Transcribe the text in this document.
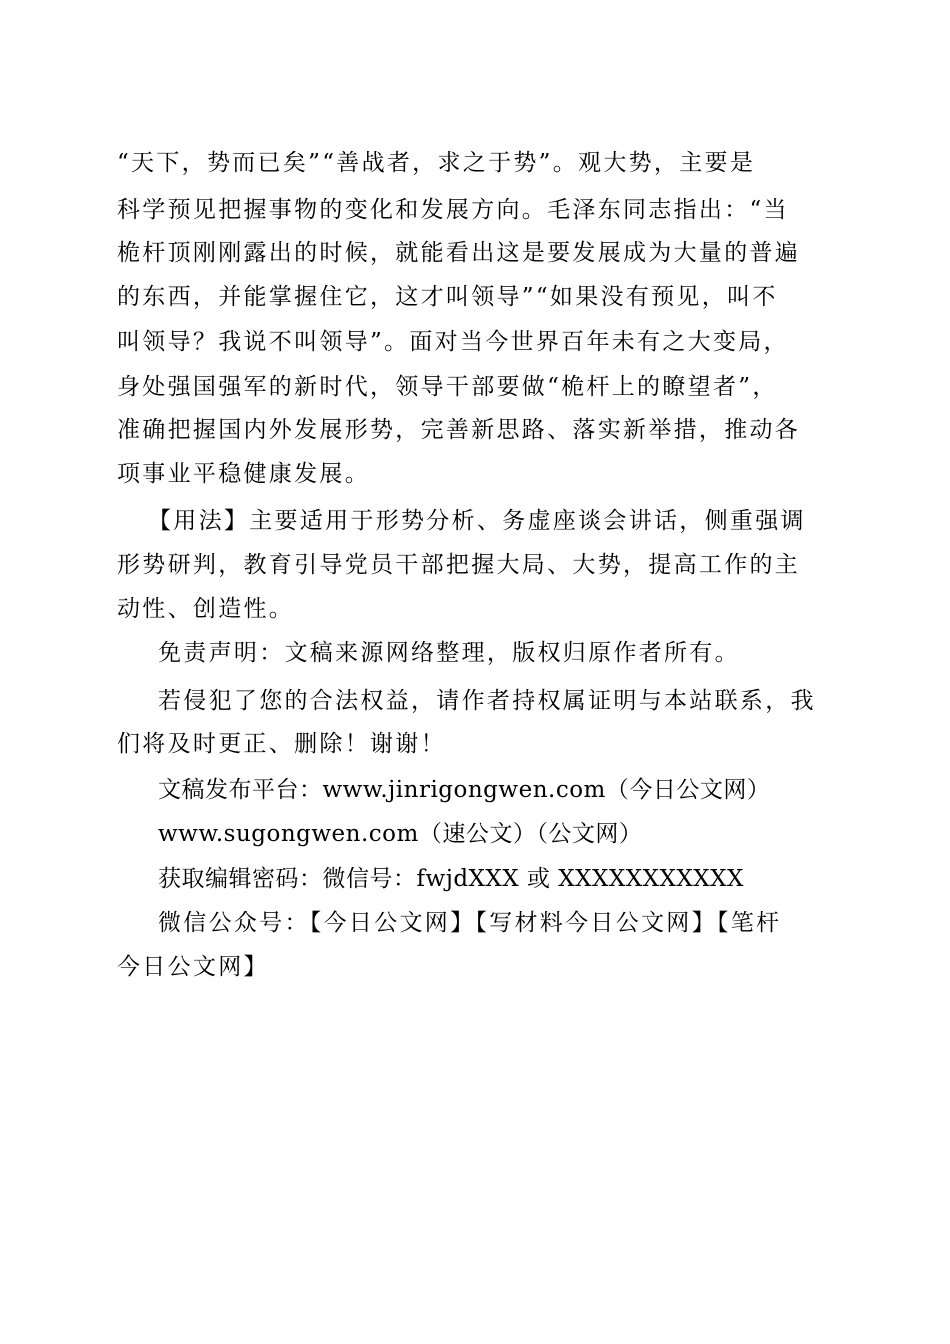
“天下，势而已矣”“善战者，求之于势”。观大势，主要是
科学预见把握事物的变化和发展方向。毛泽东同志指出：“当
桅杆顶刚刚露出的时候，就能看出这是要发展成为大量的普遍
的东西，并能掌握住它，这才叫领导”“如果没有预见，叫不
叫领导？我说不叫领导”。面对当今世界百年未有之大变局，
身处强国强军的新时代，领导干部要做“桅杆上的瞭望者”，
准确把握国内外发展形势，完善新思路、落实新举措，推动各
项事业平稳健康发展。
【用法】主要适用于形势分析、务虚座谈会讲话，侧重强调
形势研判，教育引导党员干部把握大局、大势，提高工作的主
动性、创造性。
免责声明：文稿来源网络整理，版权归原作者所有。
若侵犯了您的合法权益，请作者持权属证明与本站联系，我
们将及时更正、删除！谢谢！
文稿发布平台：www.jinrigongwen.com（今日公文网）
www.sugongwen.com（速公文）（公文网）
获取编辑密码：微信号：fwjdXXX 或 XXXXXXXXXXX
微信公众号：【今日公文网】【写材料今日公文网】【笔杆
今日公文网】
